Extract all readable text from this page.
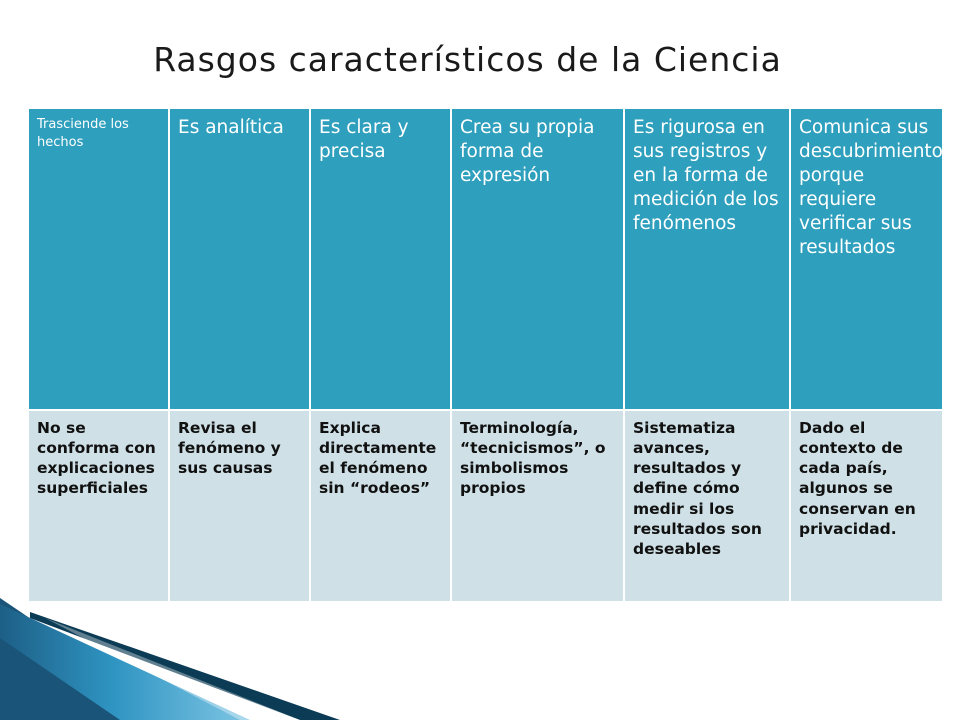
Rasgos característicos de la Ciencia
Trasciende los hechos	Es analítica	Es clara y precisa	Crea su propia forma de expresión	Es rigurosa en sus registros y en la forma de medición de los fenómenos	Comunica sus descubrimientos porque requiere verificar sus resultados
No se conforma con explicaciones superficiales	Revisa el fenómeno y sus causas	Explica directamente el fenómeno sin “rodeos”	Terminología, “tecnicismos”, o simbolismos propios	Sistematiza avances, resultados y define cómo medir si los resultados son deseables	Dado el contexto de cada país, algunos se conservan en privacidad.
